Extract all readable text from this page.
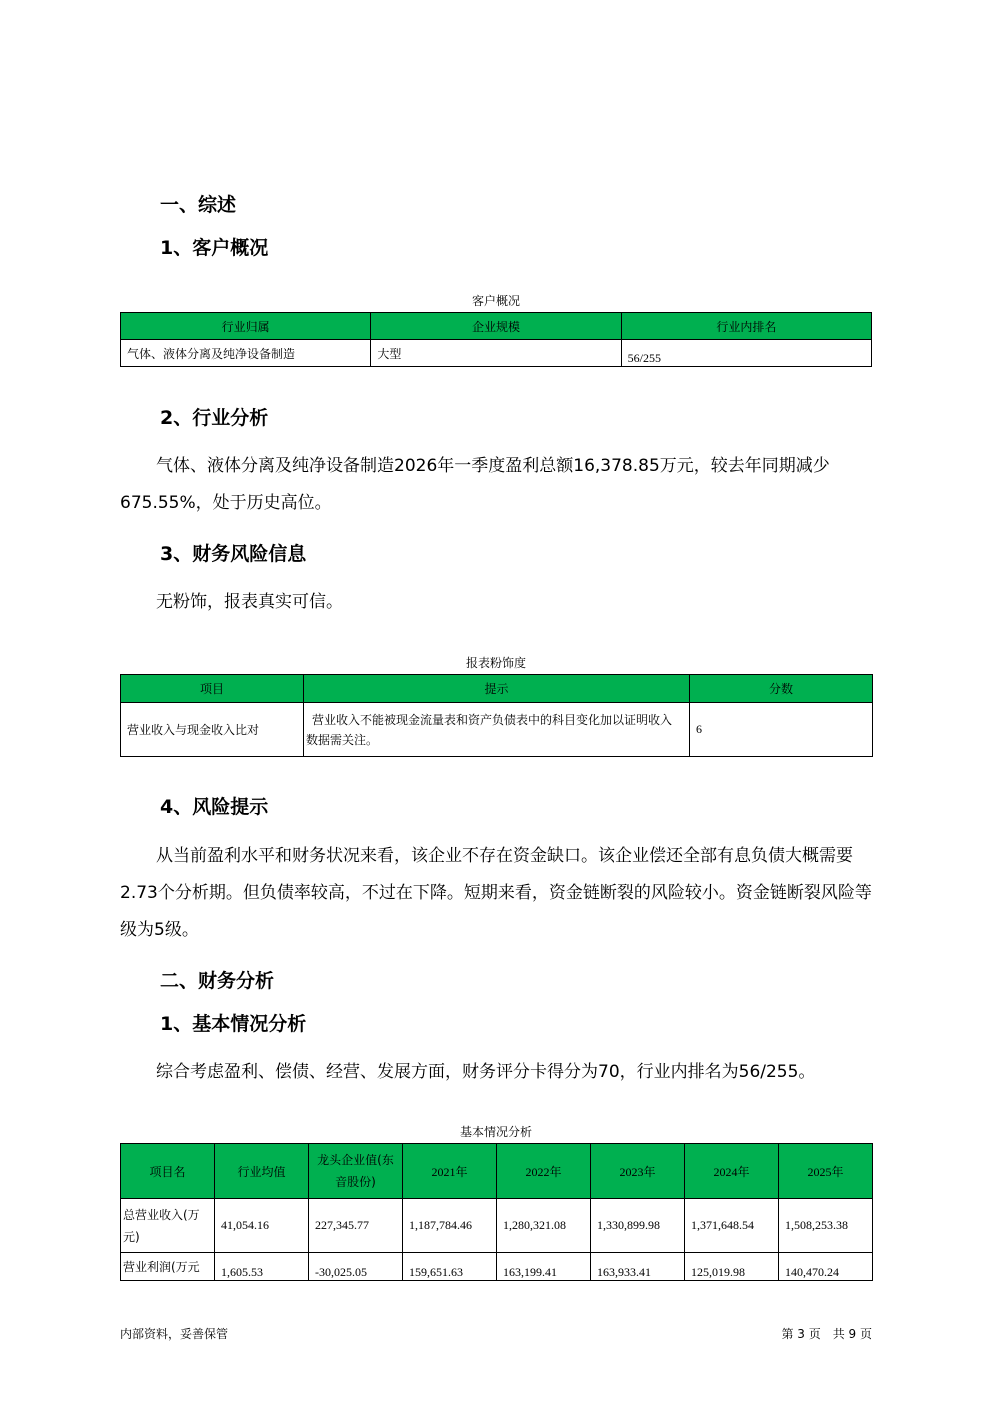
一、综述
1、客户概况
客户概况
行业归属	企业规模	行业内排名
气体、液体分离及纯净设备制造	大型	56/255
2、行业分析
气体、液体分离及纯净设备制造2026年一季度盈利总额16,378.85万元，较去年同期减少675.55%，处于历史高位。
3、财务风险信息
无粉饰，报表真实可信。
报表粉饰度
项目	提示	分数
营业收入与现金收入比对	营业收入不能被现金流量表和资产负债表中的科目变化加以证明收入数据需关注。	6
4、风险提示
从当前盈利水平和财务状况来看，该企业不存在资金缺口。该企业偿还全部有息负债大概需要 2.73个分析期。但负债率较高，不过在下降。短期来看，资金链断裂的风险较小。资金链断裂风险等级为5级。
二、财务分析
1、基本情况分析
综合考虑盈利、偿债、经营、发展方面，财务评分卡得分为70，行业内排名为56/255。
基本情况分析
项目名	行业均值	龙头企业值(东音股份)	2021年	2022年	2023年	2024年	2025年
总营业收入(万元)	41,054.16	227,345.77	1,187,784.46	1,280,321.08	1,330,899.98	1,371,648.54	1,508,253.38
营业利润(万元	1,605.53	-30,025.05	159,651.63	163,199.41	163,933.41	125,019.98	140,470.24
内部资料，妥善保管	第 3 页　共 9 页
